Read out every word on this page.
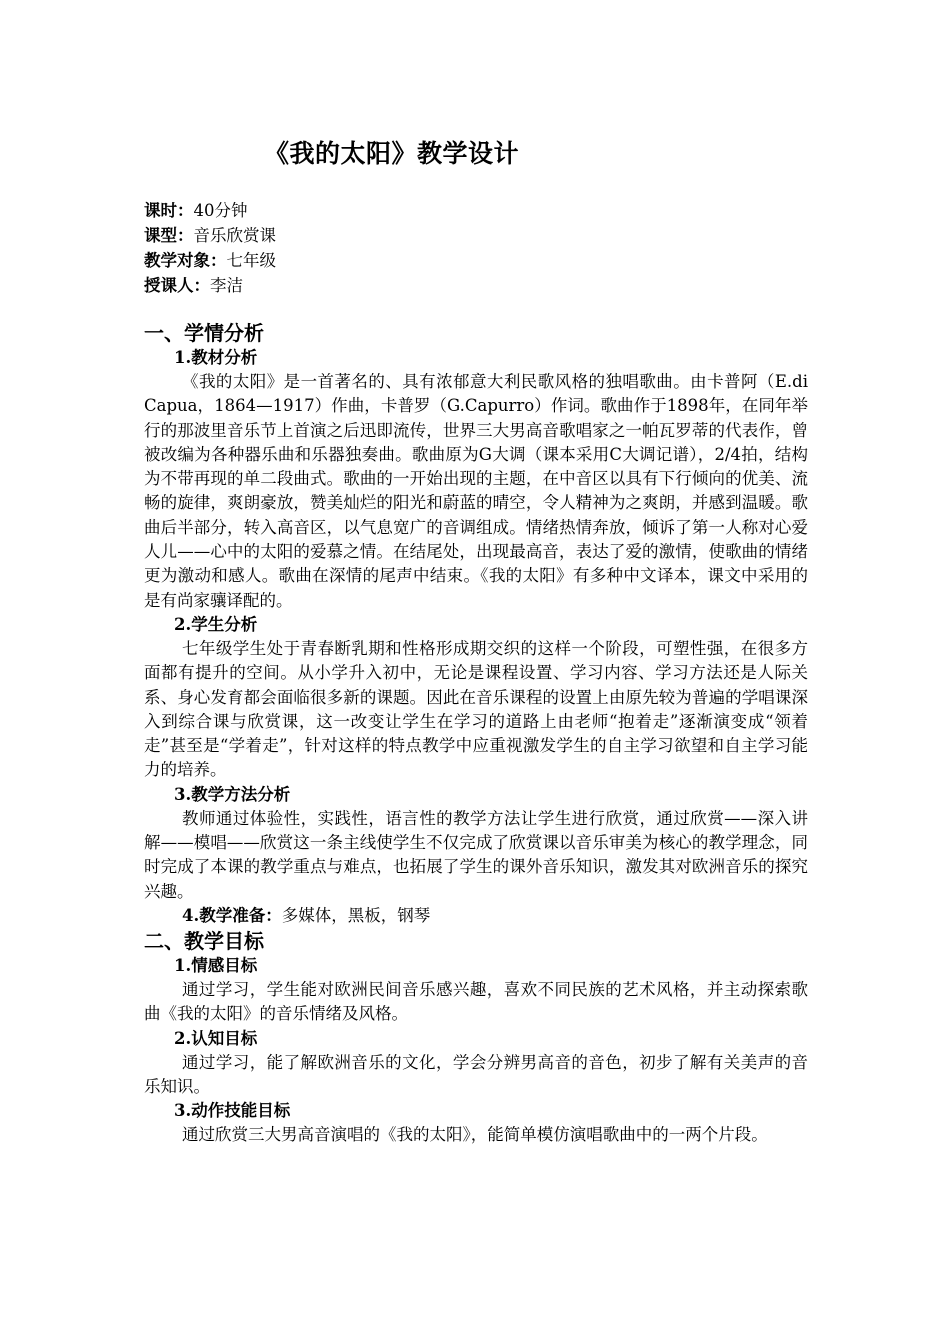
《我的太阳》教学设计
课时：40分钟
课型：音乐欣赏课
教学对象：七年级
授课人：李洁
一、学情分析
1.教材分析

《我的太阳》是一首著名的、具有浓郁意大利民歌风格的独唱歌曲。由卡普阿（E.di Capua，1864—1917）作曲，卡普罗（G.Capurro）作词。歌曲作于1898年，在同年举行的那波里音乐节上首演之后迅即流传，世界三大男高音歌唱家之一帕瓦罗蒂的代表作，曾被改编为各种器乐曲和乐器独奏曲。歌曲原为G大调（课本采用C大调记谱），2/4拍，结构为不带再现的单二段曲式。歌曲的一开始出现的主题，在中音区以具有下行倾向的优美、流畅的旋律，爽朗豪放，赞美灿烂的阳光和蔚蓝的晴空，令人精神为之爽朗，并感到温暖。歌曲后半部分，转入高音区，以气息宽广的音调组成。情绪热情奔放，倾诉了第一人称对心爱人儿——心中的太阳的爱慕之情。在结尾处，出现最高音，表达了爱的激情，使歌曲的情绪更为激动和感人。歌曲在深情的尾声中结束。《我的太阳》有多种中文译本，课文中采用的是有尚家骧译配的。

2.学生分析

七年级学生处于青春断乳期和性格形成期交织的这样一个阶段，可塑性强，在很多方面都有提升的空间。从小学升入初中，无论是课程设置、学习内容、学习方法还是人际关系、身心发育都会面临很多新的课题。因此在音乐课程的设置上由原先较为普遍的学唱课深入到综合课与欣赏课，这一改变让学生在学习的道路上由老师“抱着走”逐渐演变成“领着走”甚至是“学着走”，针对这样的特点教学中应重视激发学生的自主学习欲望和自主学习能力的培养。

3.教学方法分析

教师通过体验性，实践性，语言性的教学方法让学生进行欣赏，通过欣赏——深入讲解——模唱——欣赏这一条主线使学生不仅完成了欣赏课以音乐审美为核心的教学理念，同时完成了本课的教学重点与难点，也拓展了学生的课外音乐知识，激发其对欧洲音乐的探究兴趣。

4.教学准备：多媒体，黑板，钢琴
二、教学目标
1.情感目标

通过学习，学生能对欧洲民间音乐感兴趣，喜欢不同民族的艺术风格，并主动探索歌曲《我的太阳》的音乐情绪及风格。

2.认知目标

通过学习，能了解欧洲音乐的文化，学会分辨男高音的音色，初步了解有关美声的音乐知识。

3.动作技能目标

通过欣赏三大男高音演唱的《我的太阳》，能简单模仿演唱歌曲中的一两个片段。
